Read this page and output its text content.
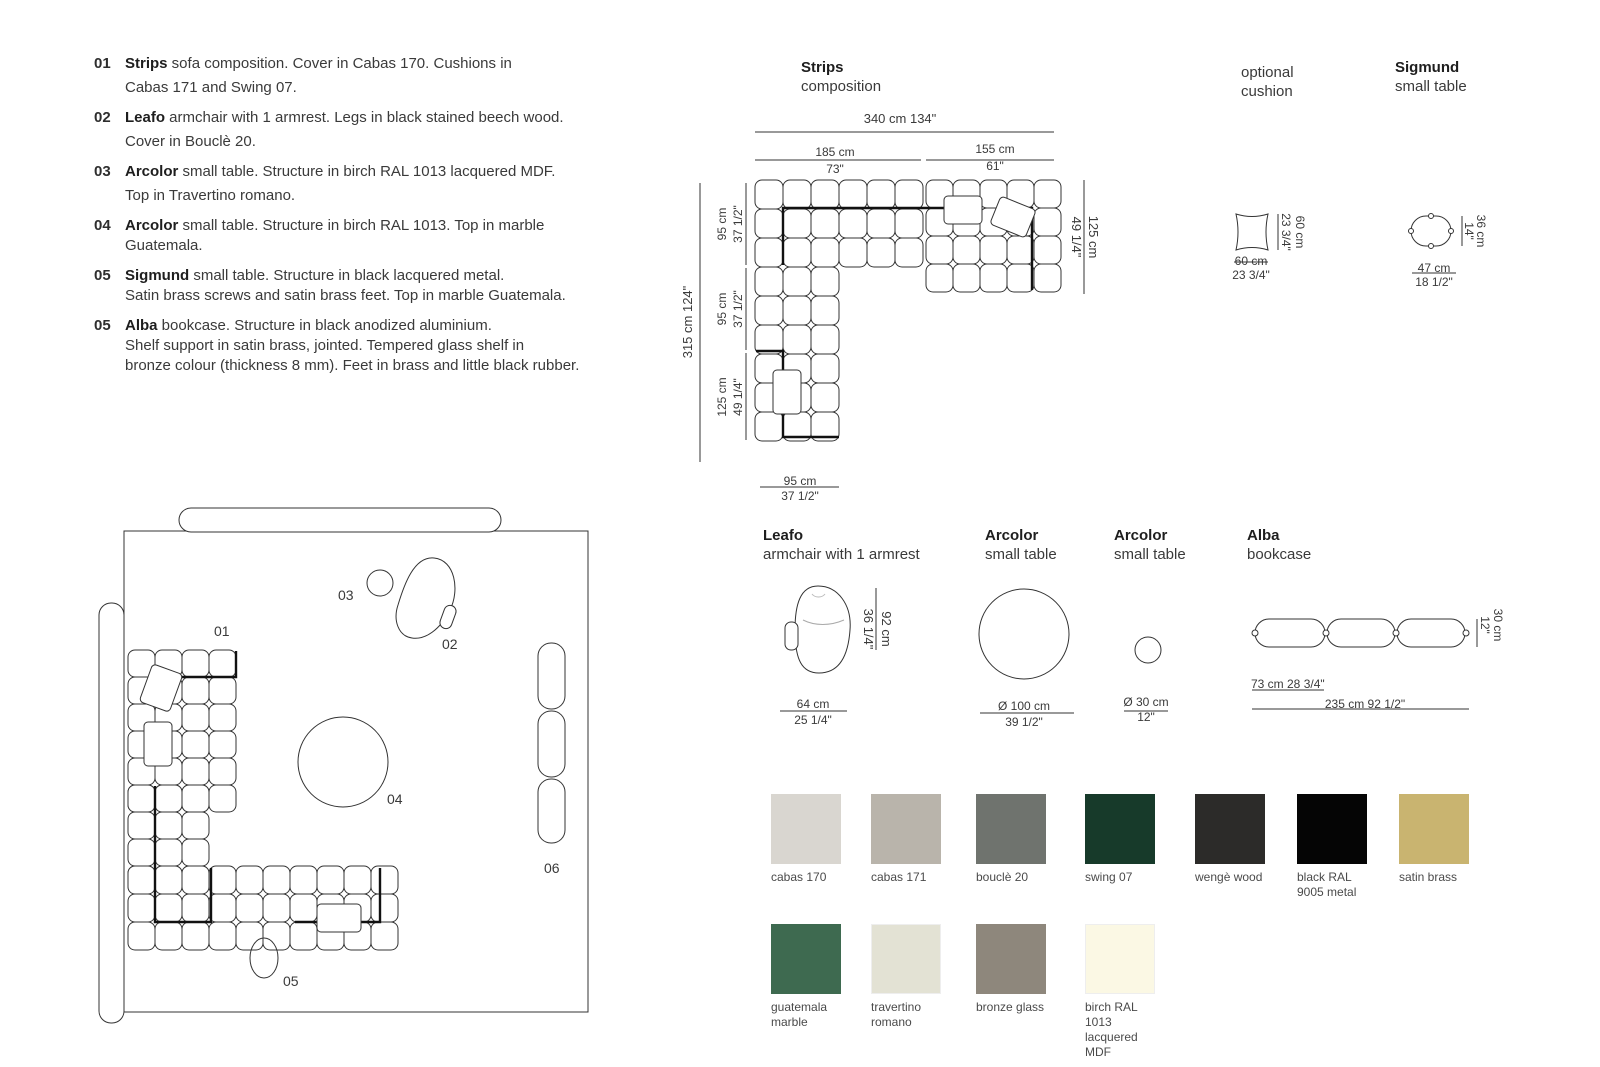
01 Strips sofa composition. Cover in Cabas 170. Cushions in
Cabas 171 and Swing 07.
02 Leafo armchair with 1 armrest. Legs in black stained beech wood.
Cover in Bouclè 20.
03 Arcolor small table. Structure in birch RAL 1013 lacquered MDF.
Top in Travertino romano.
04 Arcolor small table. Structure in birch RAL 1013. Top in marble
Guatemala.
05 Sigmund small table. Structure in black lacquered metal.
Satin brass screws and satin brass feet. Top in marble Guatemala.
05 Alba bookcase. Structure in black anodized aluminium.
Shelf support in satin brass, jointed. Tempered glass shelf in
bronze colour (thickness 8 mm). Feet in brass and little black rubber.
01
02
03
04
05
06
315 cm 124"
95 cm 37 1/2"
95 cm 37 1/2"
125 cm 49 1/4"
125 cm
49 1/4"	60 cm
23 3/4"	36 cm
14"
92 cm
36 1/4"	30 cm
12"
Strips
composition
optional
cushion
Sigmund
small table
Leafo
armchair with 1 armrest
Arcolor
small table
Arcolor
small table
Alba
bookcase
340 cm 134"
185 cm
73"
155 cm
61"
95 cm
37 1/2"
60 cm
23 3/4"	47 cm
18 1/2"
64 cm
25 1/4"
Ø 100 cm
39 1/2"
Ø 30 cm
12"
73 cm 28 3/4"
235 cm 92 1/2"
cabas 170	cabas 171	bouclè 20	swing 07	wengè wood	black RAL 9005 metal
satin brass
guatemala marble
travertino romano
bronze glass	birch RAL 1013 lacquered MDF
